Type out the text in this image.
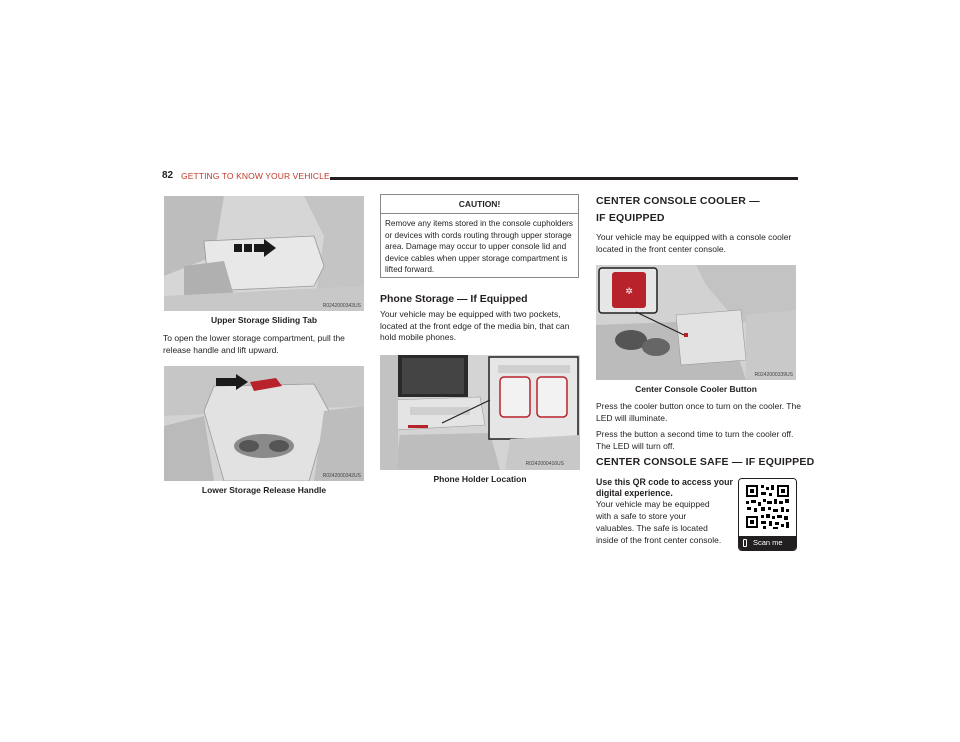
82 GETTING TO KNOW YOUR VEHICLE
R0242000343US
Upper Storage Sliding Tab
To open the lower storage compartment, pull the release handle and lift upward.
R0242000342US
Lower Storage Release Handle
CAUTION!
Remove any items stored in the console cupholders or devices with cords routing through upper storage area. Damage may occur to upper console lid and device cables when upper storage compartment is lifted forward.
Phone Storage — If Equipped
Your vehicle may be equipped with two pockets, located at the front edge of the media bin, that can hold mobile phones.
R0242000416US
Phone Holder Location
CENTER CONSOLE COOLER —
IF EQUIPPED
Your vehicle may be equipped with a console cooler located in the front center console.
✲
R0242000339US
Center Console Cooler Button
Press the cooler button once to turn on the cooler. The LED will illuminate.
Press the button a second time to turn the cooler off. The LED will turn off.
CENTER CONSOLE SAFE — IF EQUIPPED
Use this QR code to access your
digital experience.
Your vehicle may be equipped
with a safe to store your
valuables. The safe is located
inside of the front center console.	Scan me
